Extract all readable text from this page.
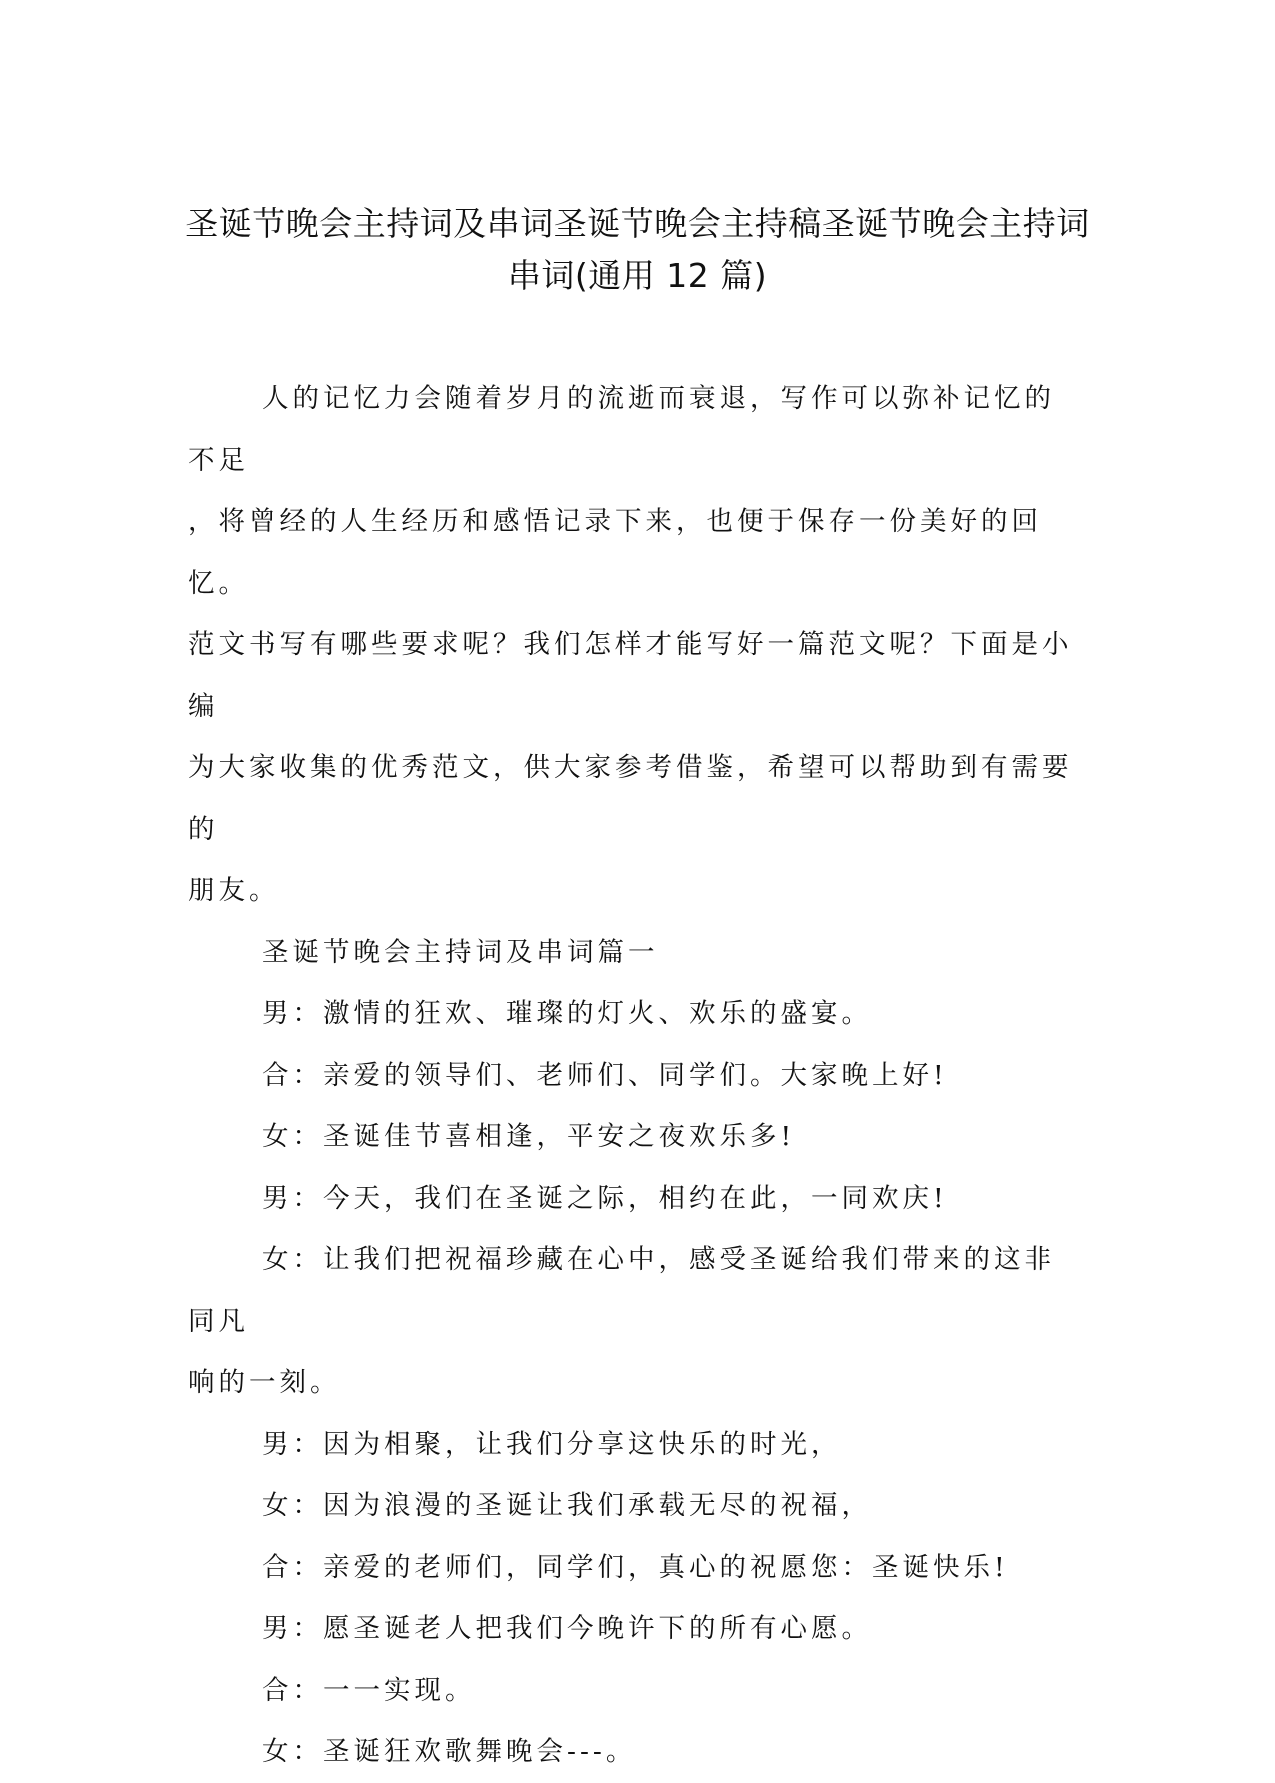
圣诞节晚会主持词及串词圣诞节晚会主持稿圣诞节晚会主持词
串词(通用 12 篇)

人的记忆力会随着岁月的流逝而衰退，写作可以弥补记忆的不足

，将曾经的人生经历和感悟记录下来，也便于保存一份美好的回忆。

范文书写有哪些要求呢？我们怎样才能写好一篇范文呢？下面是小编

为大家收集的优秀范文，供大家参考借鉴，希望可以帮助到有需要的

朋友。

圣诞节晚会主持词及串词篇一

男：激情的狂欢、璀璨的灯火、欢乐的盛宴。

合：亲爱的领导们、老师们、同学们。大家晚上好!

女：圣诞佳节喜相逢，平安之夜欢乐多!

男：今天，我们在圣诞之际，相约在此，一同欢庆!

女：让我们把祝福珍藏在心中，感受圣诞给我们带来的这非同凡

响的一刻。

男：因为相聚，让我们分享这快乐的时光，

女：因为浪漫的圣诞让我们承载无尽的祝福，

合：亲爱的老师们，同学们，真心的祝愿您：圣诞快乐!

男：愿圣诞老人把我们今晚许下的所有心愿。

合：一一实现。

女：圣诞狂欢歌舞晚会---。
